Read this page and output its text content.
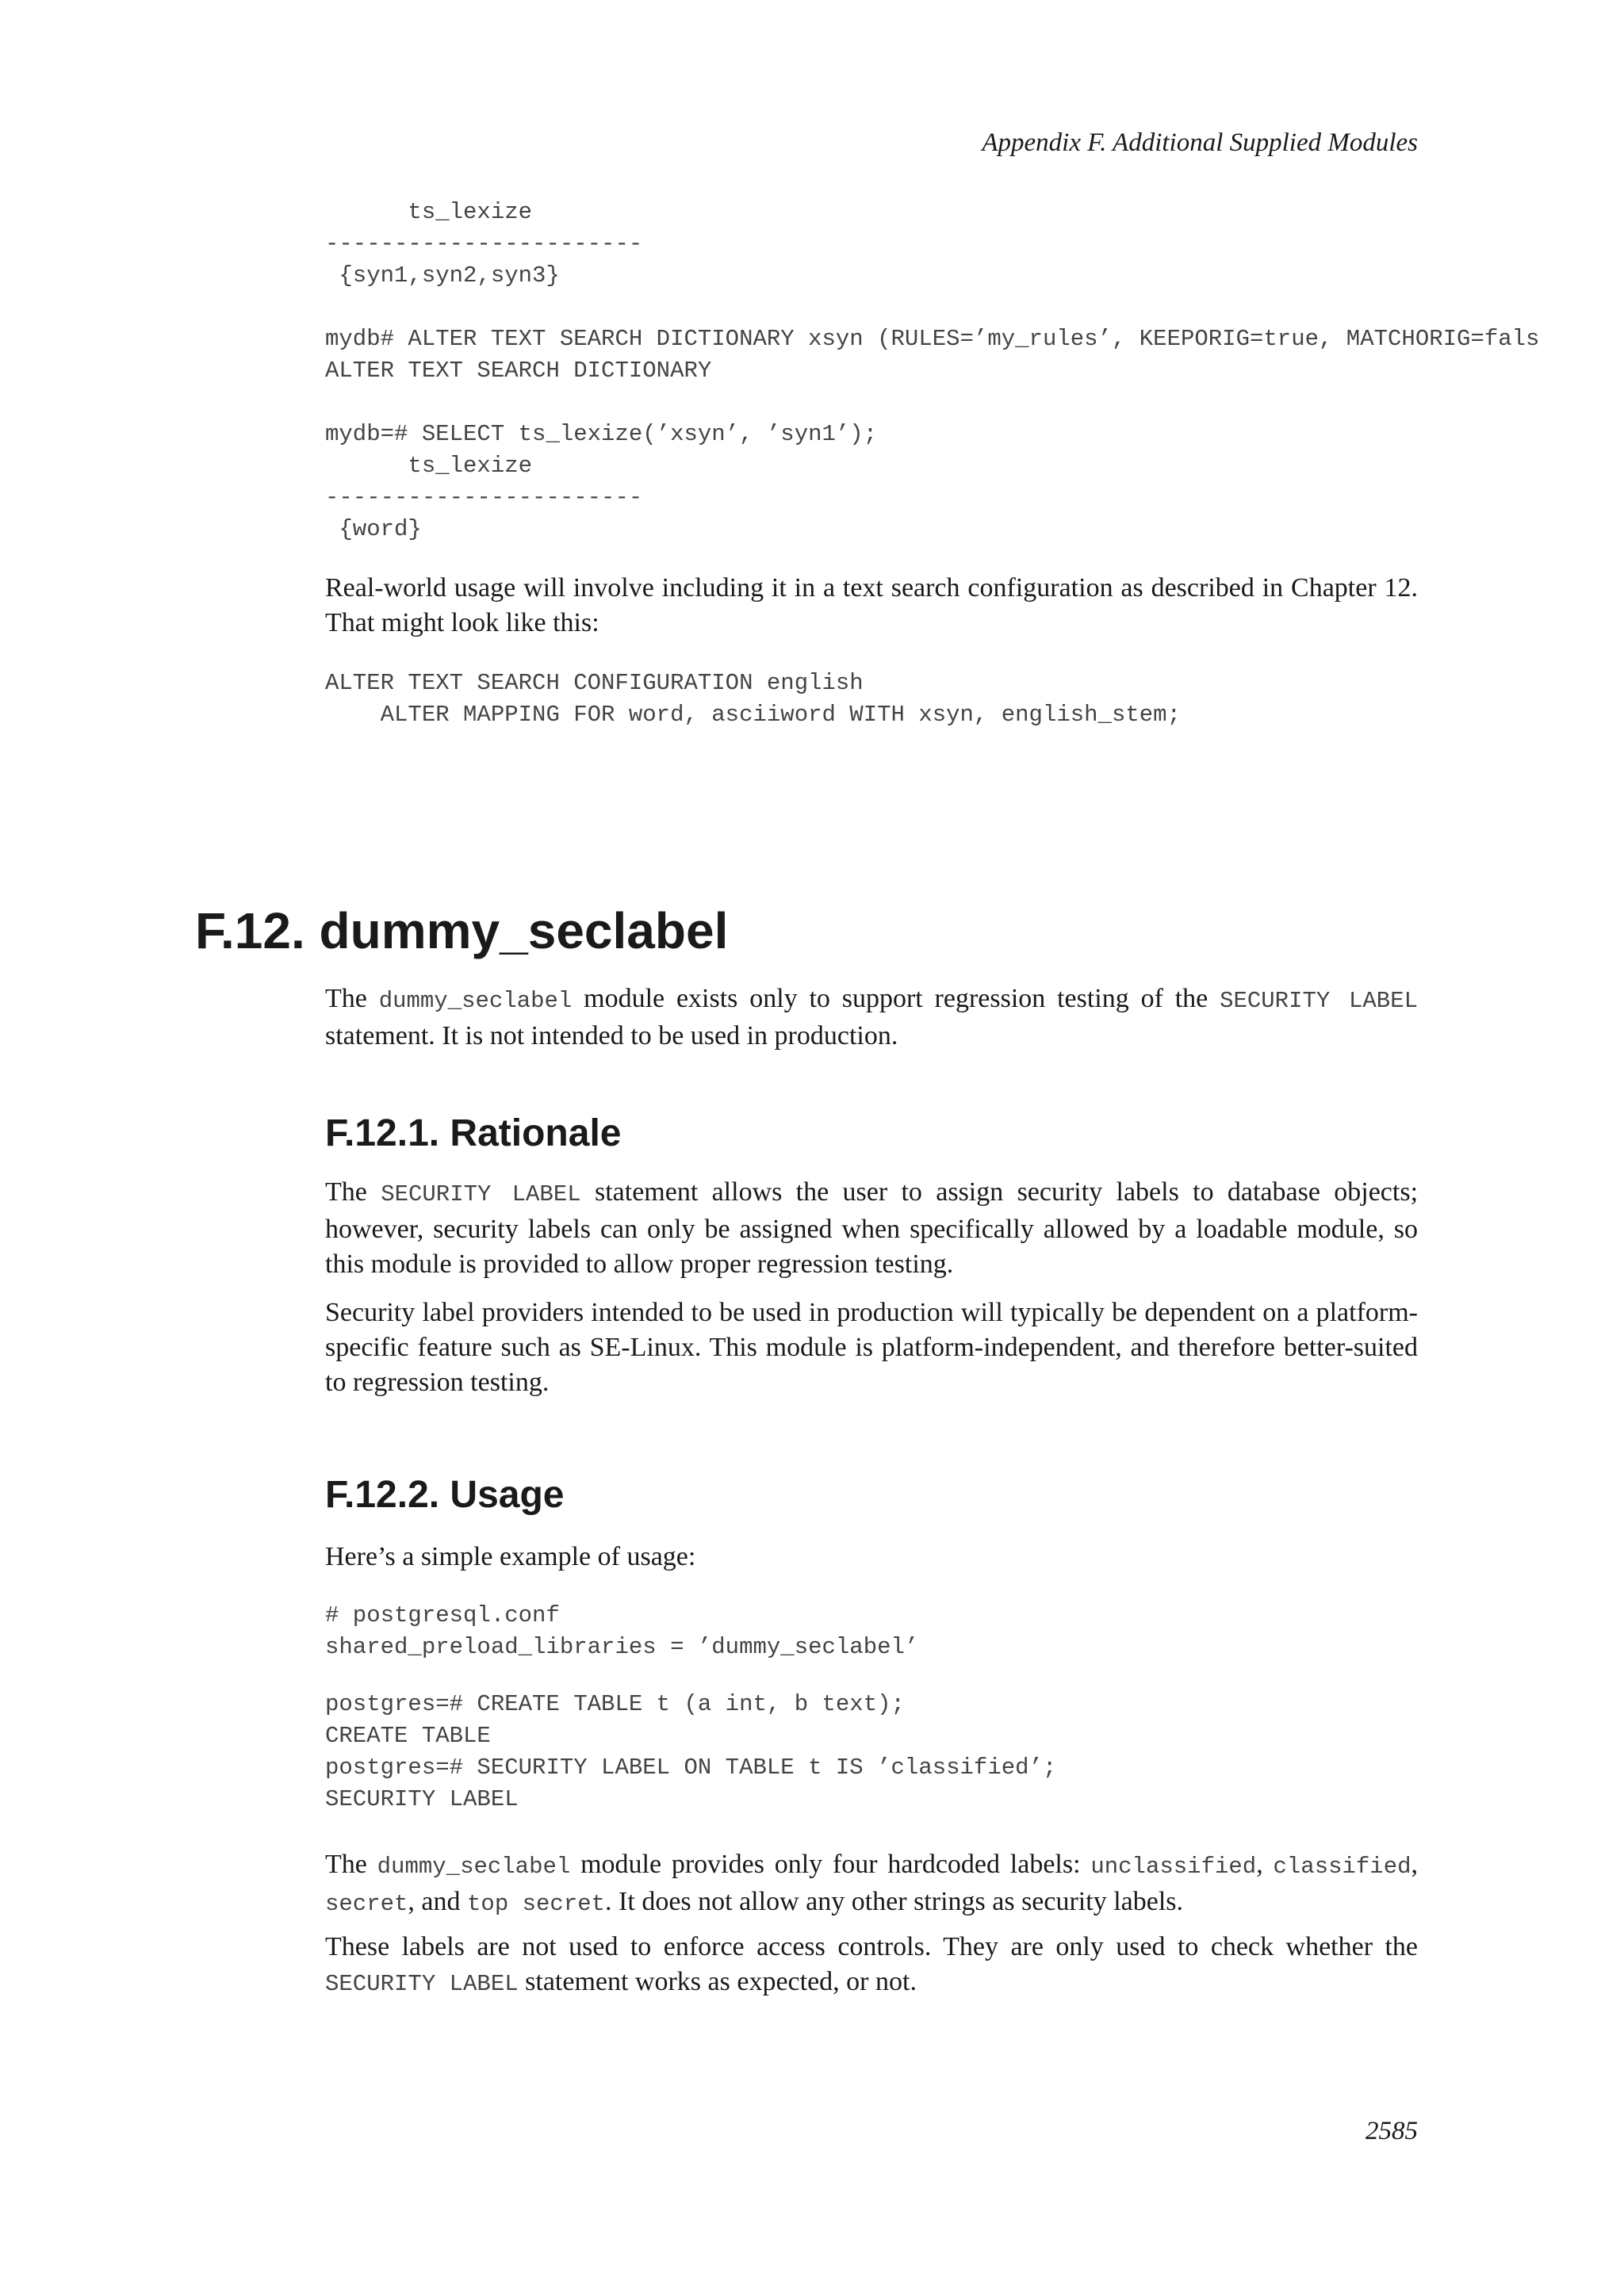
Appendix F. Additional Supplied Modules
ts_lexize
-----------------------
{syn1,syn2,syn3}
mydb# ALTER TEXT SEARCH DICTIONARY xsyn (RULES=’my_rules’, KEEPORIG=true, MATCHORIG=fals
ALTER TEXT SEARCH DICTIONARY
mydb=# SELECT ts_lexize(’xsyn’, ’syn1’);
ts_lexize
-----------------------
{word}

Real-world usage will involve including it in a text search configuration as described in Chapter 12. That might look like this:

ALTER TEXT SEARCH CONFIGURATION english
ALTER MAPPING FOR word, asciiword WITH xsyn, english_stem;
F.12. dummy_seclabel

The dummy_seclabel module exists only to support regression testing of the SECURITY LABEL statement. It is not intended to be used in production.

F.12.1. Rationale

The SECURITY LABEL statement allows the user to assign security labels to database objects; however, security labels can only be assigned when specifically allowed by a loadable module, so this module is provided to allow proper regression testing.

Security label providers intended to be used in production will typically be dependent on a platform-specific feature such as SE-Linux. This module is platform-independent, and therefore better-suited to regression testing.

F.12.2. Usage

Here’s a simple example of usage:

# postgresql.conf
shared_preload_libraries = ’dummy_seclabel’
postgres=# CREATE TABLE t (a int, b text);
CREATE TABLE
postgres=# SECURITY LABEL ON TABLE t IS ’classified’;
SECURITY LABEL

The dummy_seclabel module provides only four hardcoded labels: unclassified, classified, secret, and top secret. It does not allow any other strings as security labels.

These labels are not used to enforce access controls. They are only used to check whether the SECURITY LABEL statement works as expected, or not.

2585
